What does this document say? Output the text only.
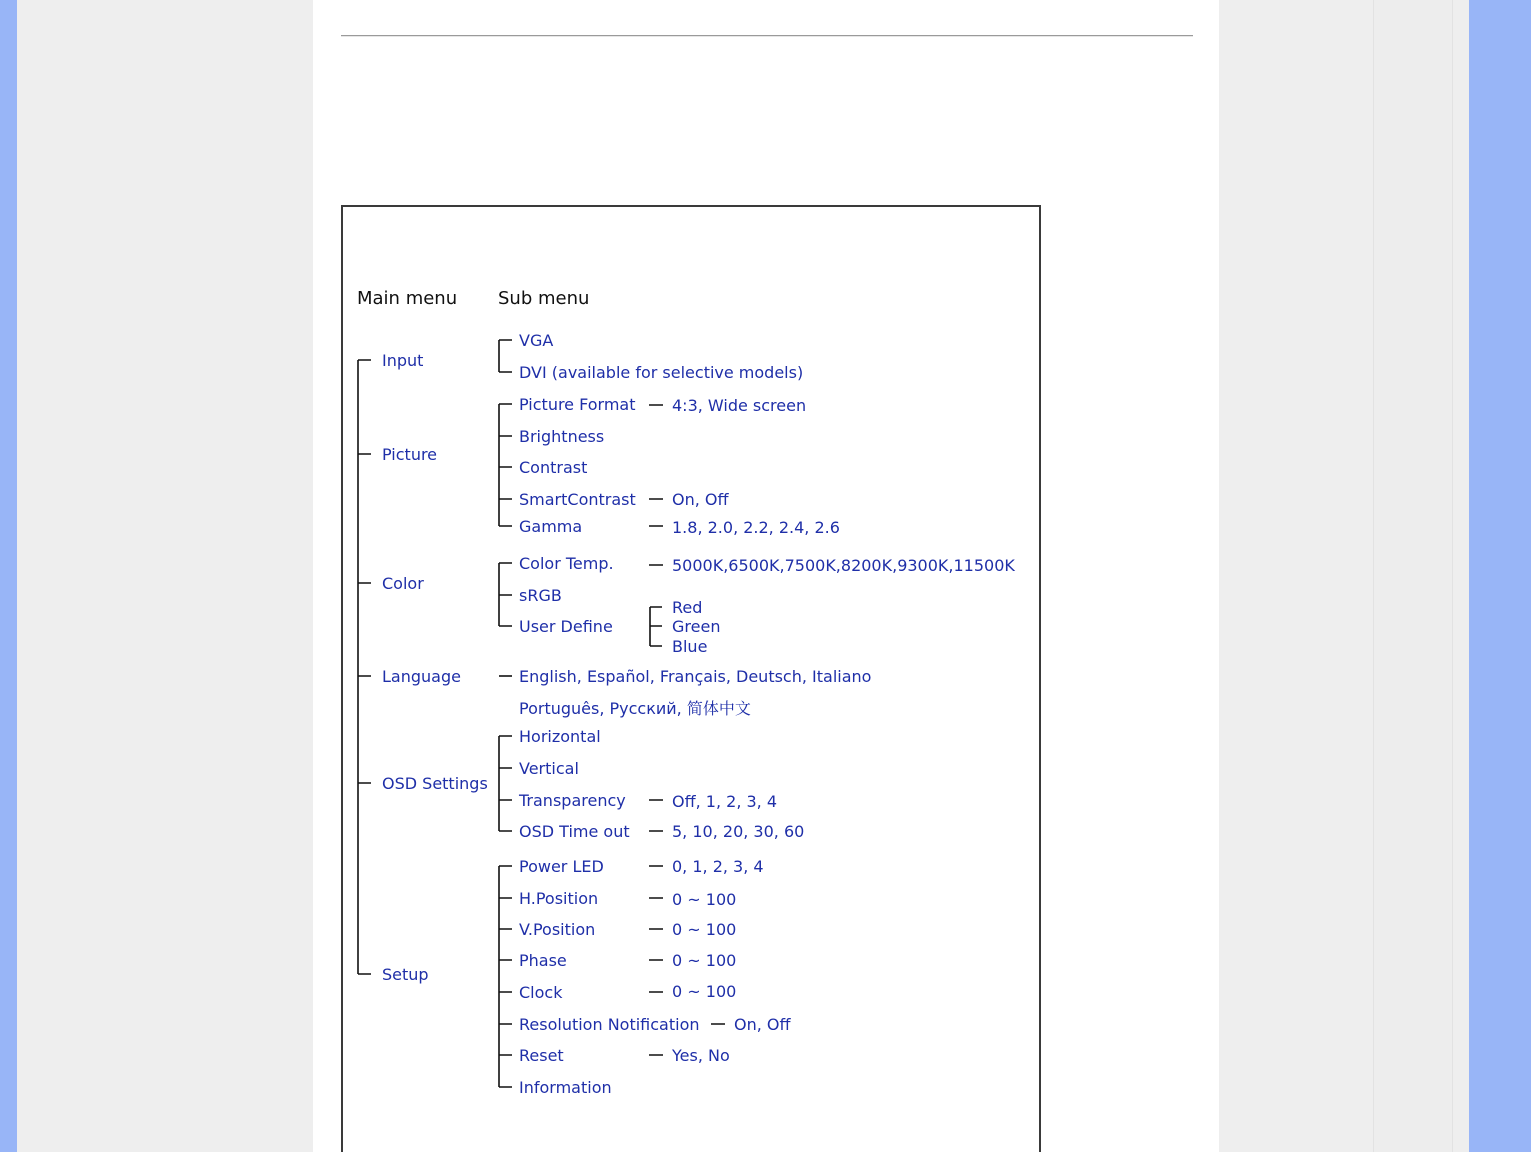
Main menu Sub menu
Input
Picture
Color
Language
OSD Settings
Setup
VGA
DVI (available for selective models)
Picture Format 4:3, Wide screen
Brightness
Contrast
SmartContrast On, Off
Gamma	1.8, 2.0, 2.2, 2.4, 2.6
Color Temp.	5000K,6500K,7500K,8200K,9300K,11500K
sRGB
User Define
Red
Green
Blue
English, Español, Français, Deutsch, Italiano
Português, Русский, 简体中文
Horizontal
Vertical
Transparency	Off, 1, 2, 3, 4
OSD Time out	5, 10, 20, 30, 60
Power LED	0, 1, 2, 3, 4
H.Position	0 ~ 100
V.Position	0 ~ 100
Phase	0 ~ 100
Clock	0 ~ 100
Resolution Notification On, Off
Reset	Yes, No
Information
